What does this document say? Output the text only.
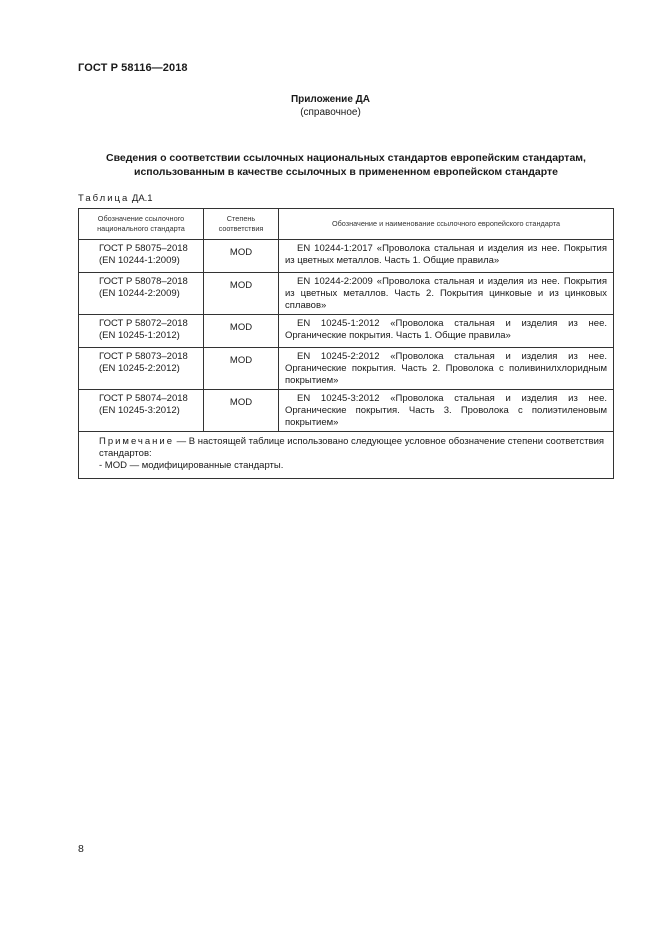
ГОСТ Р 58116—2018
Приложение ДА
(справочное)
Сведения о соответствии ссылочных национальных стандартов европейским стандартам,
использованным в качестве ссылочных в примененном европейском стандарте
Таблица ДА.1
Обозначение ссылочного национального стандарта	Степень соответствия	Обозначение и наименование ссылочного европейского стандарта

ГОСТ Р 58075–2018
(EN 10244-1:2009)	MOD	EN 10244-1:2017 «Проволока стальная и изделия из нее. Покрытия из цветных металлов. Часть 1. Общие правила»

ГОСТ Р 58078–2018
(EN 10244-2:2009)	MOD	EN 10244-2:2009 «Проволока стальная и изделия из нее. Покрытия из цветных металлов. Часть 2. Покрытия цинковые и из цинковых сплавов»

ГОСТ Р 58072–2018
(EN 10245-1:2012)	MOD	EN 10245-1:2012 «Проволока стальная и изделия из нее. Органические покрытия. Часть 1. Общие правила»

ГОСТ Р 58073–2018
(EN 10245-2:2012)	MOD	EN 10245-2:2012 «Проволока стальная и изделия из нее. Органические покрытия. Часть 2. Проволока с поливинилхлоридным покрытием»

ГОСТ Р 58074–2018
(EN 10245-3:2012)	MOD	EN 10245-3:2012 «Проволока стальная и изделия из нее. Органические покрытия. Часть 3. Проволока с полиэтиленовым покрытием»

Примечание — В настоящей таблице использовано следующее условное обозначение степени соответствия стандартов:
- MOD — модифицированные стандарты.		
8
